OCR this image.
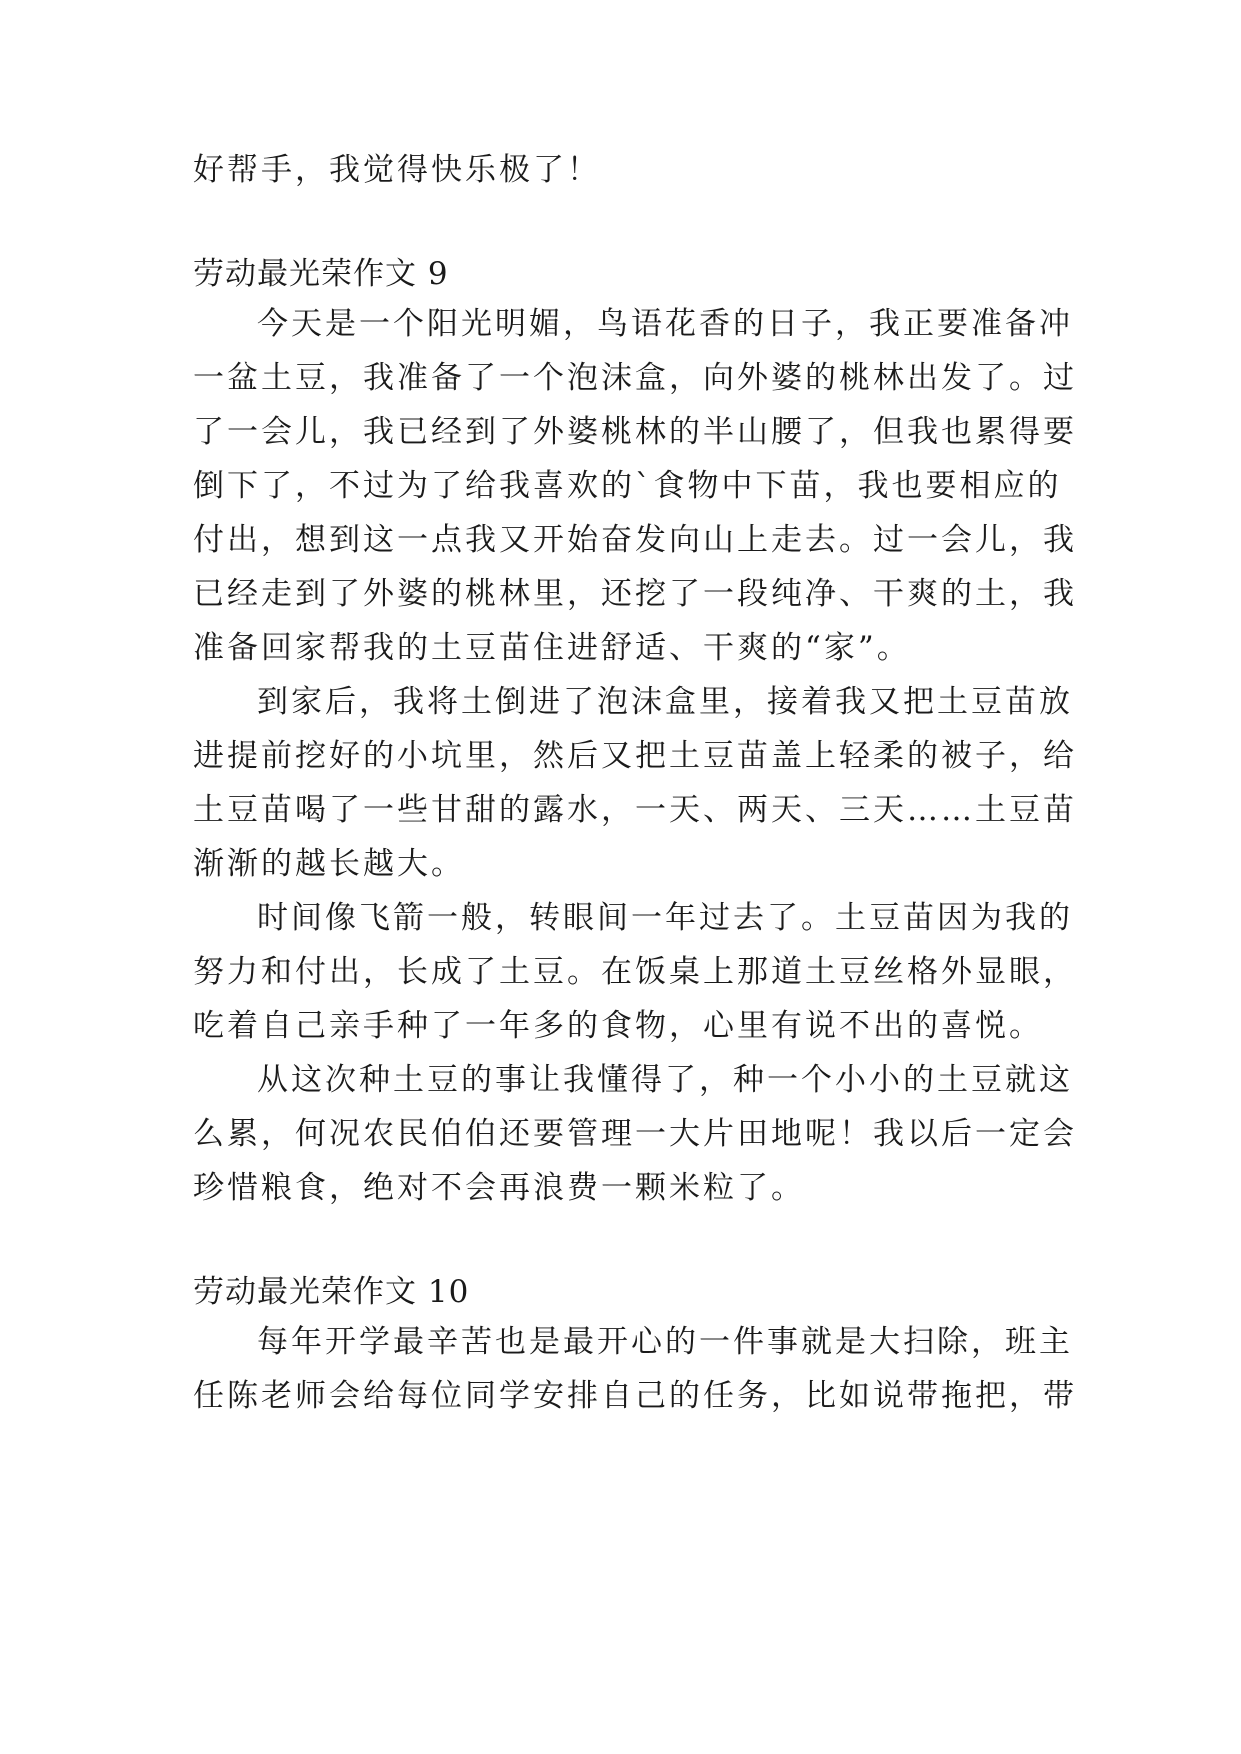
好帮手，我觉得快乐极了！

劳动最光荣作文 9

今天是一个阳光明媚，鸟语花香的日子，我正要准备冲

一盆土豆，我准备了一个泡沫盒，向外婆的桃林出发了。过

了一会儿，我已经到了外婆桃林的半山腰了，但我也累得要

倒下了，不过为了给我喜欢的`食物中下苗，我也要相应的

付出，想到这一点我又开始奋发向山上走去。过一会儿，我

已经走到了外婆的桃林里，还挖了一段纯净、干爽的土，我

准备回家帮我的土豆苗住进舒适、干爽的“家”。

到家后，我将土倒进了泡沫盒里，接着我又把土豆苗放

进提前挖好的小坑里，然后又把土豆苗盖上轻柔的被子，给

土豆苗喝了一些甘甜的露水，一天、两天、三天……土豆苗

渐渐的越长越大。

时间像飞箭一般，转眼间一年过去了。土豆苗因为我的

努力和付出，长成了土豆。在饭桌上那道土豆丝格外显眼，

吃着自己亲手种了一年多的食物，心里有说不出的喜悦。

从这次种土豆的事让我懂得了，种一个小小的土豆就这

么累，何况农民伯伯还要管理一大片田地呢！我以后一定会

珍惜粮食，绝对不会再浪费一颗米粒了。

劳动最光荣作文 10

每年开学最辛苦也是最开心的一件事就是大扫除，班主

任陈老师会给每位同学安排自己的任务，比如说带拖把，带
